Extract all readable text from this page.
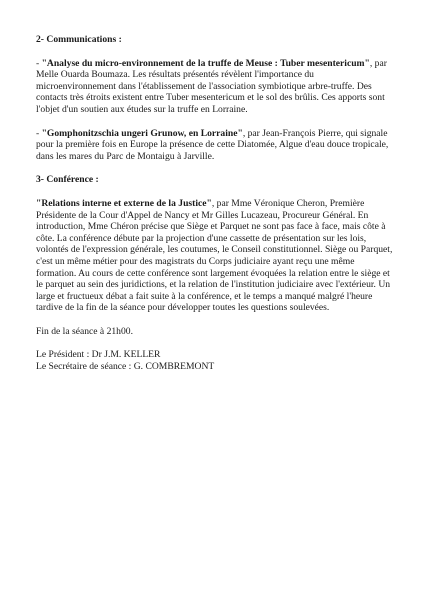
2- Communications :

- "Analyse du micro-environnement de la truffe de Meuse : Tuber mesentericum", par Melle Ouarda Boumaza. Les résultats présentés révèlent l'importance du microenvironnement dans l'établissement de l'association symbiotique arbre-truffe. Des contacts très étroits existent entre Tuber mesentericum et le sol des brûlis. Ces apports sont l'objet d'un soutien aux études sur la truffe en Lorraine.

- "Gomphonitzschia ungeri Grunow, en Lorraine", par Jean-François Pierre, qui signale pour la première fois en Europe la présence de cette Diatomée, Algue d'eau douce tropicale, dans les mares du Parc de Montaigu à Jarville.

3- Conférence :

"Relations interne et externe de la Justice", par Mme Véronique Cheron, Première Présidente de la Cour d'Appel de Nancy et Mr Gilles Lucazeau, Procureur Général. En introduction, Mme Chéron précise que Siège et Parquet ne sont pas face à face, mais côte à côte. La conférence débute par la projection d'une cassette de présentation sur les lois, volontés de l'expression générale, les coutumes, le Conseil constitutionnel. Siège ou Parquet, c'est un même métier pour des magistrats du Corps judiciaire ayant reçu une même formation. Au cours de cette conférence sont largement évoquées la relation entre le siège et le parquet au sein des juridictions, et la relation de l'institution judiciaire avec l'extérieur. Un large et fructueux débat a fait suite à la conférence, et le temps a manqué malgré l'heure tardive de la fin de la séance pour développer toutes les questions soulevées.

Fin de la séance à 21h00.

Le Président : Dr J.M. KELLER

Le Secrétaire de séance : G. COMBREMONT
